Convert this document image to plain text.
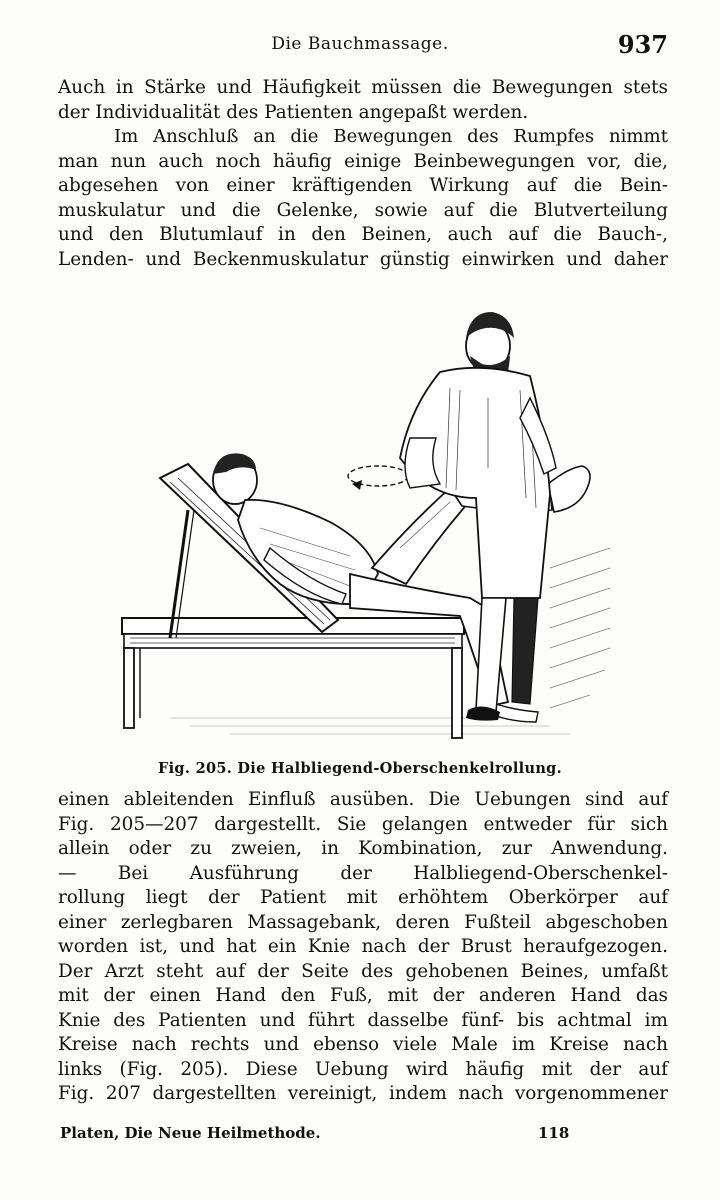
Die Bauchmassage.	937

Auch in Stärke und Häufigkeit müssen die Bewegungen stets
der Individualität des Patienten angepaßt werden.
Im Anschluß an die Bewegungen des Rumpfes nimmt
man nun auch noch häufig einige Beinbewegungen vor, die,
abgesehen von einer kräftigenden Wirkung auf die Bein-
muskulatur und die Gelenke, sowie auf die Blutverteilung
und den Blutumlauf in den Beinen, auch auf die Bauch-,
Lenden- und Beckenmuskulatur günstig einwirken und daher

Fig. 205. Die Halbliegend-Oberschenkelrollung.

einen ableitenden Einfluß ausüben. Die Uebungen sind auf
Fig. 205—207 dargestellt. Sie gelangen entweder für sich
allein oder zu zweien, in Kombination, zur Anwendung.
— Bei Ausführung der Halbliegend-Oberschenkel-
rollung liegt der Patient mit erhöhtem Oberkörper auf
einer zerlegbaren Massagebank, deren Fußteil abgeschoben
worden ist, und hat ein Knie nach der Brust heraufgezogen.
Der Arzt steht auf der Seite des gehobenen Beines, umfaßt
mit der einen Hand den Fuß, mit der anderen Hand das
Knie des Patienten und führt dasselbe fünf- bis achtmal im
Kreise nach rechts und ebenso viele Male im Kreise nach
links (Fig. 205). Diese Uebung wird häufig mit der auf
Fig. 207 dargestellten vereinigt, indem nach vorgenommener

Platen, Die Neue Heilmethode.	118
